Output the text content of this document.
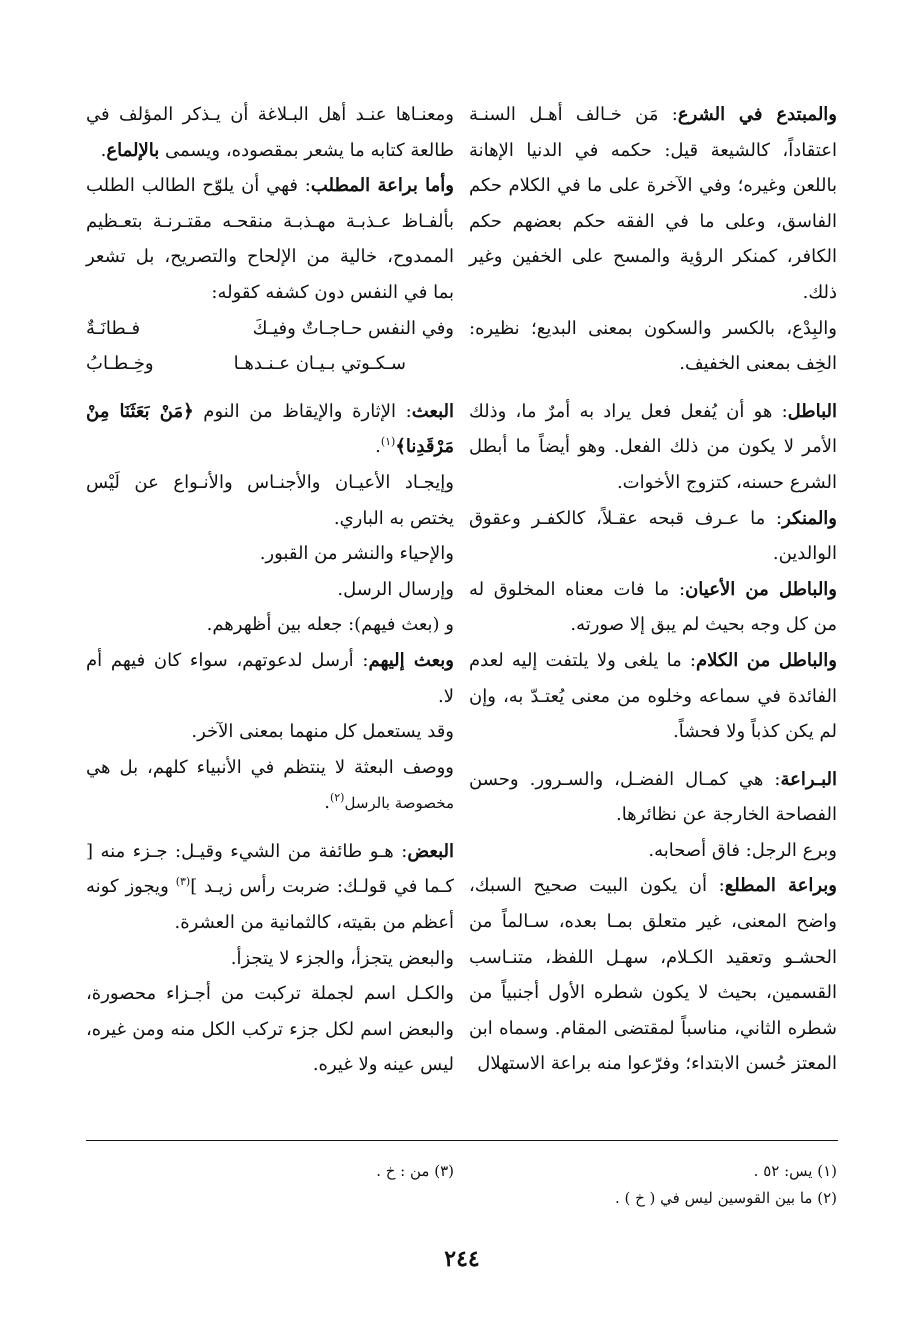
والمبتدع في الشرع: مَن خـالف أهـل السنـة اعتقاداً، كالشيعة قيل: حكمه في الدنيا الإهانة باللعن وغيره؛ وفي الآخرة على ما في الكلام حكم الفاسق، وعلى ما في الفقه حكم بعضهم حكم الكافر، كمنكر الرؤية والمسح على الخفين وغير ذلك.

والبِدْع، بالكسر والسكون بمعنى البديع؛ نظيره: الخِف بمعنى الخفيف.

الباطل: هو أن يُفعل فعل يراد به أمرٌ ما، وذلك الأمر لا يكون من ذلك الفعل. وهو أيضاً ما أبطل الشرع حسنه، كتزوج الأخوات.

والمنكر: ما عـرف قبحه عقـلاً، كالكفـر وعقوق الوالدين.

والباطل من الأعيان: ما فات معناه المخلوق له من كل وجه بحيث لم يبق إلا صورته.

والباطل من الكلام: ما يلغى ولا يلتفت إليه لعدم الفائدة في سماعه وخلوه من معنى يُعتـدّ به، وإن لم يكن كذباً ولا فحشاً.

البـراعة: هي كمـال الفضـل، والسـرور. وحسن الفصاحة الخارجة عن نظائرها.

وبرع الرجل: فاق أصحابه.

وبراعة المطلع: أن يكون البيت صحيح السبك، واضح المعنى، غير متعلق بمـا بعده، سـالماً من الحشـو وتعقيد الكـلام، سهـل اللفظ، متنـاسب القسمين، بحيث لا يكون شطره الأول أجنبياً من شطره الثاني، مناسباً لمقتضى المقام. وسماه ابن المعتز حُسن الابتداء؛ وفرّعوا منه براعة الاستهلال

ومعنـاها عنـد أهل البـلاغة أن يـذكر المؤلف في طالعة كتابه ما يشعر بمقصوده، ويسمى بالإلماع.

وأما براعة المطلب: فهي أن يلوّح الطالب الطلب بألفـاظ عـذبـة مهـذبـة منقحـه مقتـرنـة بتعـظيم الممدوح، خالية من الإلحاح والتصريح، بل تشعر بما في النفس دون كشفه كقوله:

وفي النفس حـاجـاتٌ وفيـكَ
فـطانَـةٌ

سـكـوتي بـيـان عـنـدهـا
وخِـطـابُ

البعث: الإثارة والإيقاظ من النوم ﴿مَنْ بَعَثَنَا مِنْ مَرْقَدِنا﴾$^{(١)}$.

وإيجـاد الأعيـان والأجنـاس والأنـواع عن لَيْس يختص به الباري.

والإحياء والنشر من القبور.

وإرسال الرسل.

و (بعث فيهم): جعله بين أظهرهم.

وبعث إليهم: أرسل لدعوتهم، سواء كان فيهم أم لا.

وقد يستعمل كل منهما بمعنى الآخر.

ووصف البعثة لا ينتظم في الأنبياء كلهم، بل هي مخصوصة بالرسل$^{(٢)}$.

البعض: هـو طائفة من الشيء وقيـل: جـزء منه [ كـما في قولـك: ضربت رأس زيـد ]$^{(٣)}$ ويجوز كونه أعظم من بقيته، كالثمانية من العشرة.

والبعض يتجزأ، والجزء لا يتجزأ.

والكـل اسم لجملة تركبت من أجـزاء محصورة، والبعض اسم لكل جزء تركب الكل منه ومن غيره، ليس عينه ولا غيره.

(١) يس: ٥٢ .

(٢) ما بين القوسين ليس في ( خ ) .

(٣) من : خ .

٢٤٤
